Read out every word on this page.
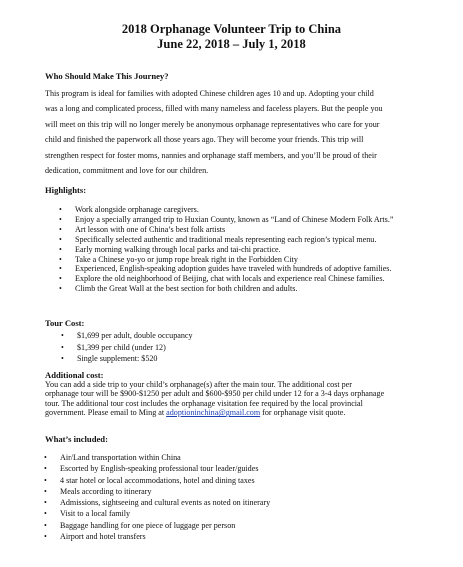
2018 Orphanage Volunteer Trip to China
June 22, 2018 – July 1, 2018
Who Should Make This Journey?
This program is ideal for families with adopted Chinese children ages 10 and up. Adopting your child
was a long and complicated process, filled with many nameless and faceless players. But the people you
will meet on this trip will no longer merely be anonymous orphanage representatives who care for your
child and finished the paperwork all those years ago. They will become your friends. This trip will
strengthen respect for foster moms, nannies and orphanage staff members, and you’ll be proud of their
dedication, commitment and love for our children.
Highlights:
• Work alongside orphanage caregivers.
• Enjoy a specially arranged trip to Huxian County, known as “Land of Chinese Modern Folk Arts.”
• Art lesson with one of China’s best folk artists
• Specifically selected authentic and traditional meals representing each region’s typical menu.
• Early morning walking through local parks and tai-chi practice.
• Take a Chinese yo-yo or jump rope break right in the Forbidden City
• Experienced, English-speaking adoption guides have traveled with hundreds of adoptive families.
• Explore the old neighborhood of Beijing, chat with locals and experience real Chinese families.
• Climb the Great Wall at the best section for both children and adults.
Tour Cost:
• $1,699 per adult, double occupancy
• $1,399 per child (under 12)
• Single supplement: $520
Additional cost:
You can add a side trip to your child’s orphanage(s) after the main tour. The additional cost per
orphanage tour will be $900-$1250 per adult and $600-$950 per child under 12 for a 3-4 days orphanage
tour. The additional tour cost includes the orphanage visitation fee required by the local provincial
government. Please email to Ming at adoptioninchina@gmail.com for orphanage visit quote.
What’s included:
• Air/Land transportation within China
• Escorted by English-speaking professional tour leader/guides
• 4 star hotel or local accommodations, hotel and dining taxes
• Meals according to itinerary
• Admissions, sightseeing and cultural events as noted on itinerary
• Visit to a local family
• Baggage handling for one piece of luggage per person
• Airport and hotel transfers
